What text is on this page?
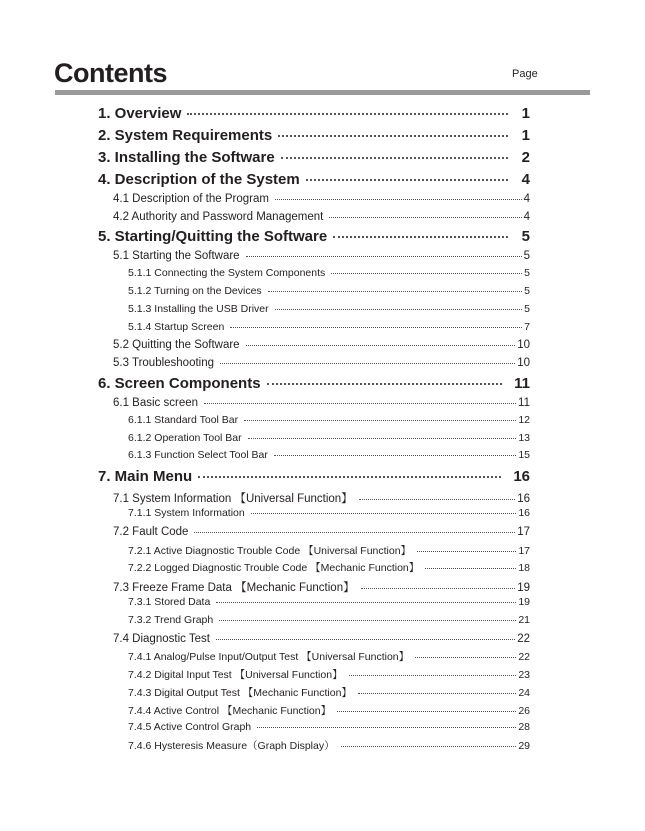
Contents	Page
1. Overview	1
2. System Requirements	1
3. Installing the Software	2
4. Description of the System	4
4.1 Description of the Program	4
4.2 Authority and Password Management	4
5. Starting/Quitting the Software	5
5.1 Starting the Software	5
5.1.1 Connecting the System Components	5
5.1.2 Turning on the Devices	5
5.1.3 Installing the USB Driver	5
5.1.4 Startup Screen	7
5.2 Quitting the Software	10
5.3 Troubleshooting	10
6. Screen Components	11
6.1 Basic screen	11
6.1.1 Standard Tool Bar	12
6.1.2 Operation Tool Bar	13
6.1.3 Function Select Tool Bar	15
7. Main Menu	16
7.1 System Information 【Universal Function】	16
7.1.1 System Information	16
7.2 Fault Code	17
7.2.1 Active Diagnostic Trouble Code 【Universal Function】	17
7.2.2 Logged Diagnostic Trouble Code 【Mechanic Function】	18
7.3 Freeze Frame Data 【Mechanic Function】	19
7.3.1 Stored Data	19
7.3.2 Trend Graph	21
7.4 Diagnostic Test	22
7.4.1 Analog/Pulse Input/Output Test 【Universal Function】	22
7.4.2 Digital Input Test 【Universal Function】	23
7.4.3 Digital Output Test 【Mechanic Function】	24
7.4.4 Active Control 【Mechanic Function】	26
7.4.5 Active Control Graph	28
7.4.6 Hysteresis Measure（Graph Display）	29
